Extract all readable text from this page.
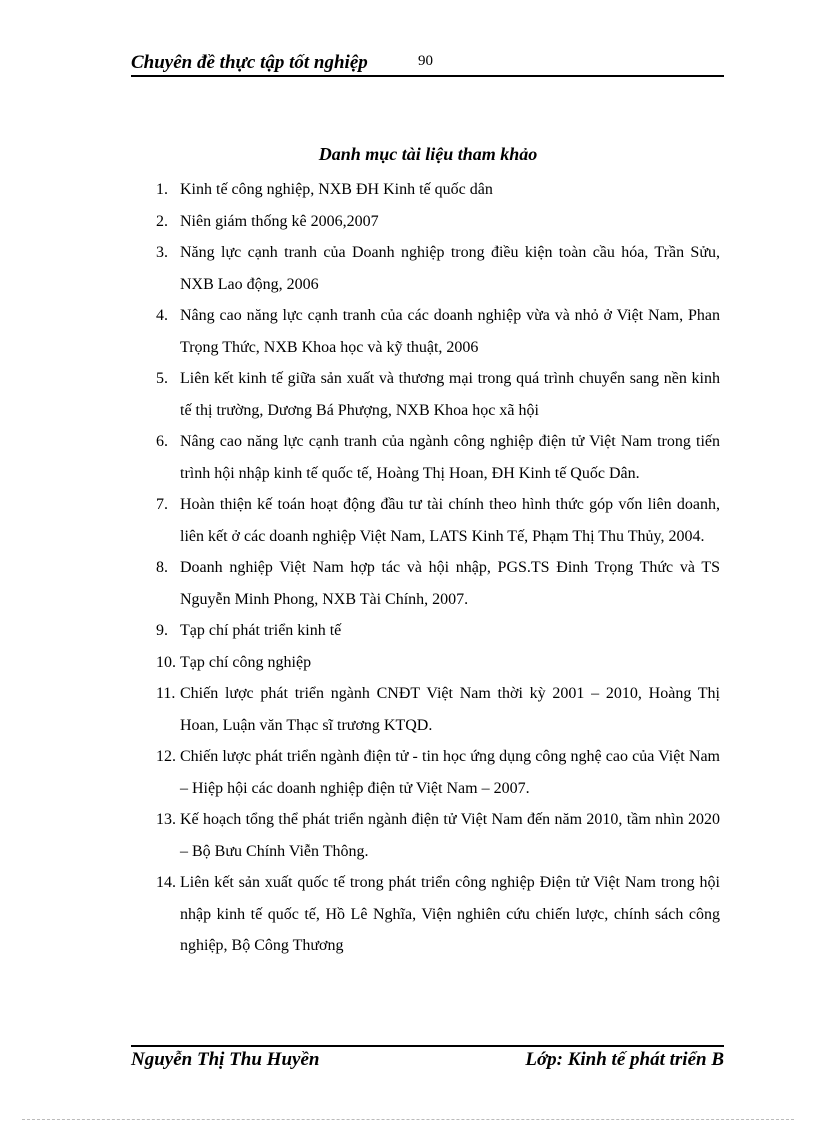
Chuyên đề thực tập tốt nghiệp	90
Danh mục tài liệu tham khảo
1. Kinh tế công nghiệp, NXB ĐH Kinh tế quốc dân
2. Niên giám thống kê 2006,2007
3. Năng lực cạnh tranh của Doanh nghiệp trong điều kiện toàn cầu hóa, Trần Sửu, NXB Lao động, 2006
4. Nâng cao năng lực cạnh tranh của các doanh nghiệp vừa và nhỏ ở Việt Nam, Phan Trọng Thức, NXB Khoa học và kỹ thuật, 2006
5. Liên kết kinh tế giữa sản xuất và thương mại trong quá trình chuyển sang nền kinh tế thị trường, Dương Bá Phượng, NXB Khoa học xã hội
6. Nâng cao năng lực cạnh tranh của ngành công nghiệp điện tử Việt Nam trong tiến trình hội nhập kinh tế quốc tế, Hoàng Thị Hoan, ĐH Kinh tế Quốc Dân.
7. Hoàn thiện kế toán hoạt động đầu tư tài chính theo hình thức góp vốn liên doanh, liên kết ở các doanh nghiệp Việt Nam, LATS Kinh Tế, Phạm Thị Thu Thủy, 2004.
8. Doanh nghiệp Việt Nam hợp tác và hội nhập, PGS.TS Đinh Trọng Thức và TS Nguyễn Minh Phong, NXB Tài Chính, 2007.
9. Tạp chí phát triển kinh tế
10. Tạp chí công nghiệp
11. Chiến lược phát triển ngành CNĐT Việt Nam thời kỳ 2001 – 2010, Hoàng Thị Hoan, Luận văn Thạc sĩ trương KTQD.
12. Chiến lược phát triển ngành điện tử - tin học ứng dụng công nghệ cao của Việt Nam – Hiệp hội các doanh nghiệp điện tử Việt Nam – 2007.
13. Kế hoạch tổng thể phát triển ngành điện tử Việt Nam đến năm 2010, tầm nhìn 2020 – Bộ Bưu Chính Viễn Thông.
14. Liên kết sản xuất quốc tế trong phát triển công nghiệp Điện tử Việt Nam trong hội nhập kinh tế quốc tế, Hồ Lê Nghĩa, Viện nghiên cứu chiến lược, chính sách công nghiệp, Bộ Công Thương
Nguyễn Thị Thu Huyền	Lớp: Kinh tế phát triển B
